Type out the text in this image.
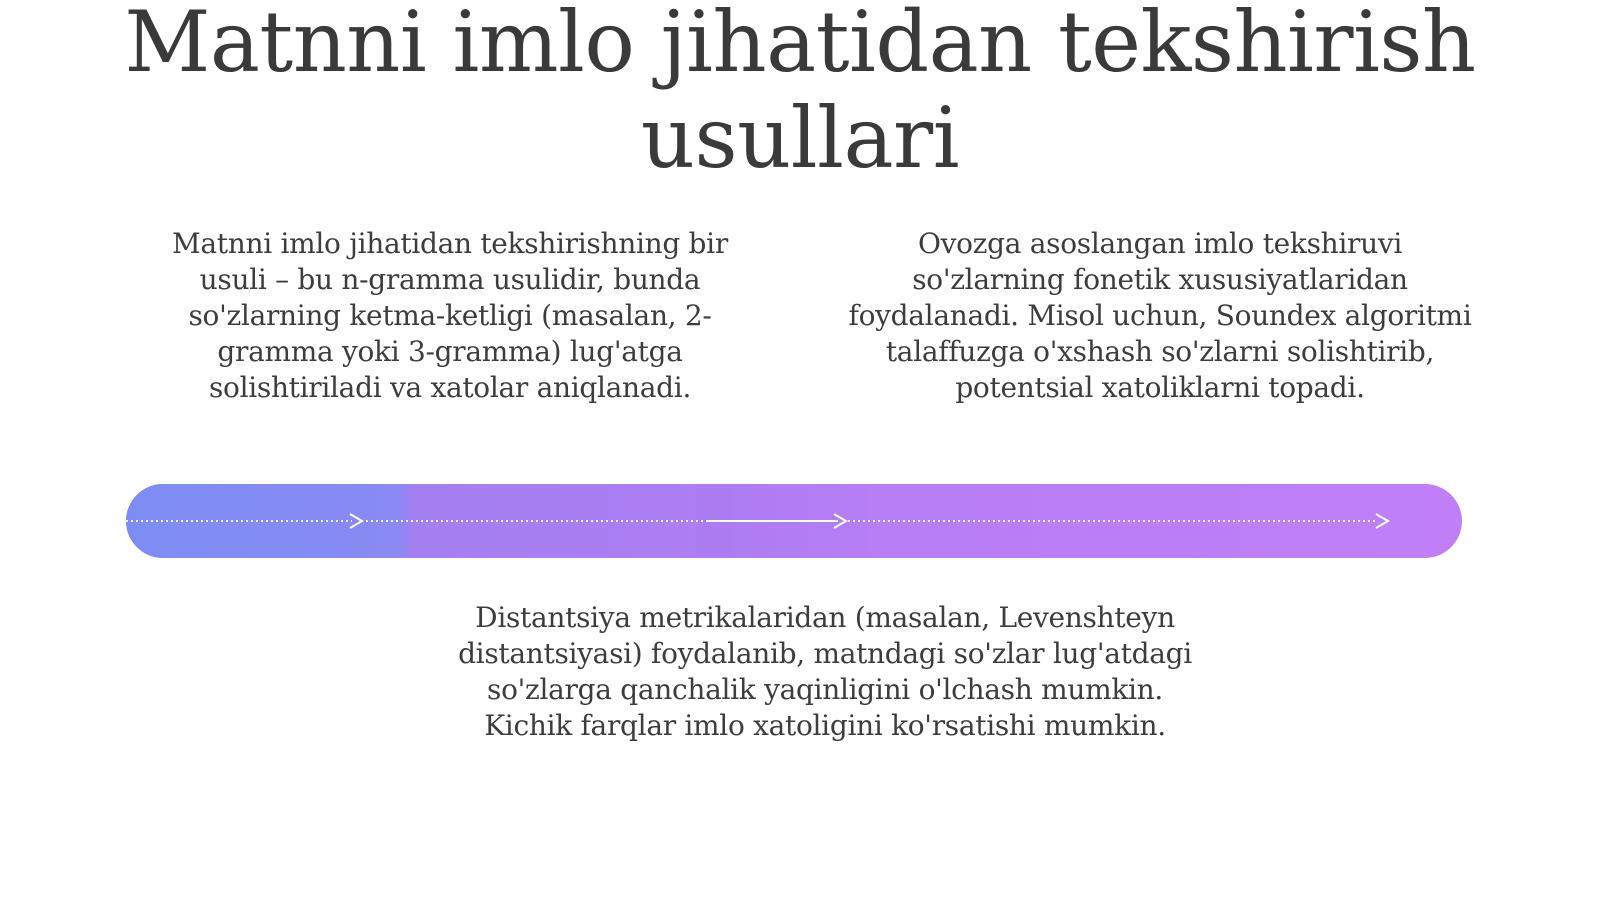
Matnni imlo jihatidan tekshirish usullari

Matnni imlo jihatidan tekshirishning bir usuli – bu n-gramma usulidir, bunda so'zlarning ketma-ketligi (masalan, 2-gramma yoki 3-gramma) lug'atga solishtiriladi va xatolar aniqlanadi.

Ovozga asoslangan imlo tekshiruvi so'zlarning fonetik xususiyatlaridan foydalanadi. Misol uchun, Soundex algoritmi talaffuzga o'xshash so'zlarni solishtirib, potentsial xatoliklarni topadi.

Distantsiya metrikalaridan (masalan, Levenshteyn distantsiyasi) foydalanib, matndagi so'zlar lug'atdagi so'zlarga qanchalik yaqinligini o'lchash mumkin. Kichik farqlar imlo xatoligini ko'rsatishi mumkin.
